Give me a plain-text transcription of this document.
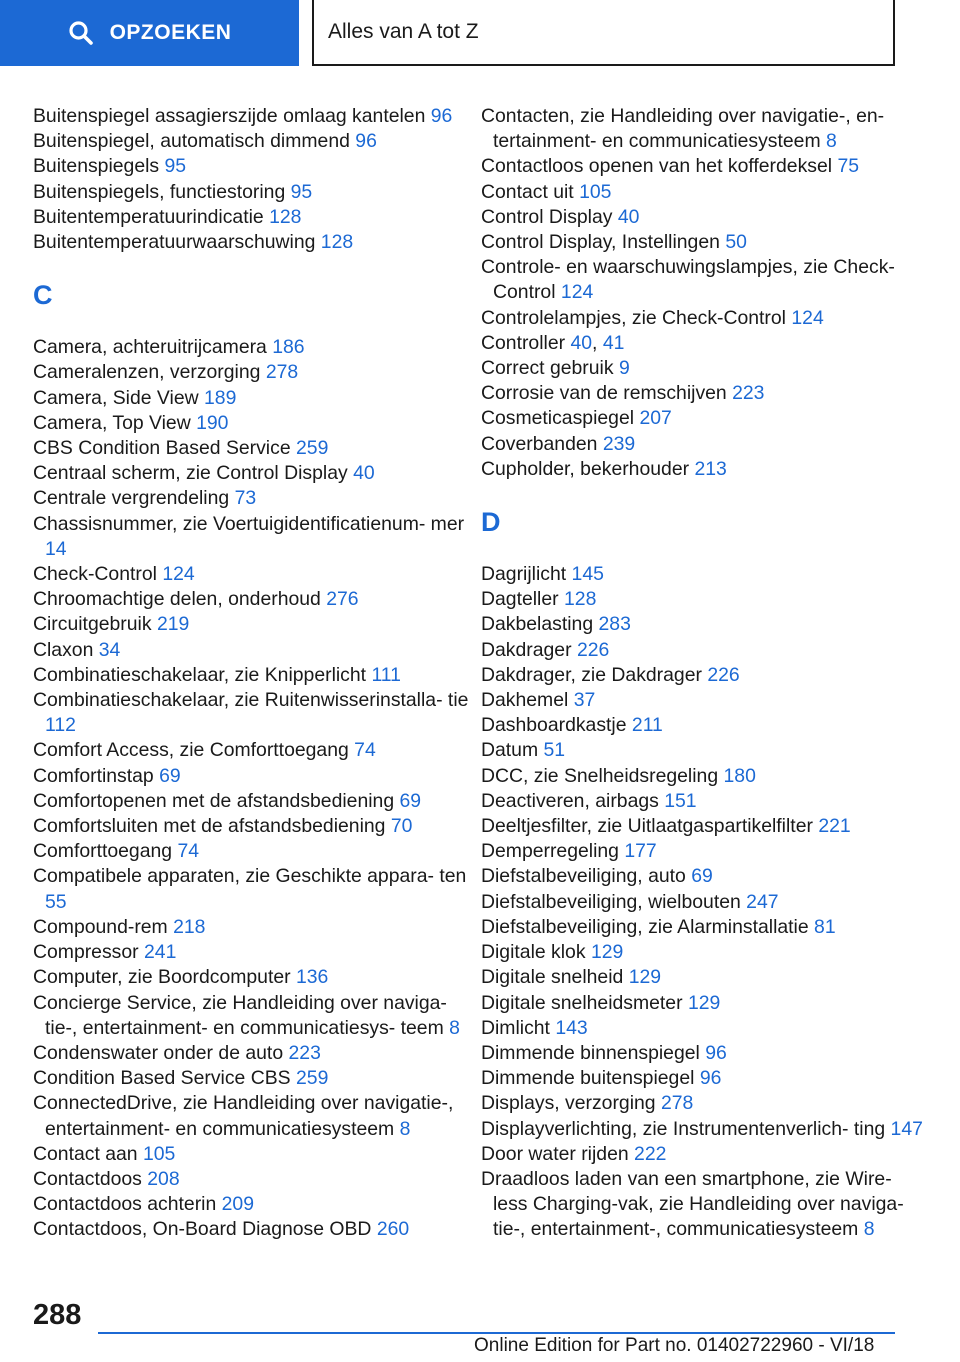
OPZOEKEN	Alles van A tot Z
Buitenspiegel assagierszijde omlaag kantelen 96
Buitenspiegel, automatisch dimmend 96
Buitenspiegels 95
Buitenspiegels, functiestoring 95
Buitentemperatuurindicatie 128
Buitentemperatuurwaarschuwing 128
C
Camera, achteruitrijcamera 186
Cameralenzen, verzorging 278
Camera, Side View 189
Camera, Top View 190
CBS Condition Based Service 259
Centraal scherm, zie Control Display 40
Centrale vergrendeling 73
Chassisnummer, zie Voertuigidentificatienum‐ mer 14
Check-Control 124
Chroomachtige delen, onderhoud 276
Circuitgebruik 219
Claxon 34
Combinatieschakelaar, zie Knipperlicht 111
Combinatieschakelaar, zie Ruitenwisserinstalla‐ tie 112
Comfort Access, zie Comforttoegang 74
Comfortinstap 69
Comfortopenen met de afstandsbediening 69
Comfortsluiten met de afstandsbediening 70
Comforttoegang 74
Compatibele apparaten, zie Geschikte appara‐ ten 55
Compound-rem 218
Compressor 241
Computer, zie Boordcomputer 136
Concierge Service, zie Handleiding over naviga‐ tie-, entertainment- en communicatiesys‐ teem 8
Condenswater onder de auto 223
Condition Based Service CBS 259
ConnectedDrive, zie Handleiding over navigatie-, entertainment- en communicatiesysteem 8
Contact aan 105
Contactdoos 208
Contactdoos achterin 209
Contactdoos, On-Board Diagnose OBD 260
Contacten, zie Handleiding over navigatie-, en‐ tertainment- en communicatiesysteem 8
Contactloos openen van het kofferdeksel 75
Contact uit 105
Control Display 40
Control Display, Instellingen 50
Controle- en waarschuwingslampjes, zie Check- Control 124
Controlelampjes, zie Check-Control 124
Controller 40, 41
Correct gebruik 9
Corrosie van de remschijven 223
Cosmeticaspiegel 207
Coverbanden 239
Cupholder, bekerhouder 213
D
Dagrijlicht 145
Dagteller 128
Dakbelasting 283
Dakdrager 226
Dakdrager, zie Dakdrager 226
Dakhemel 37
Dashboardkastje 211
Datum 51
DCC, zie Snelheidsregeling 180
Deactiveren, airbags 151
Deeltjesfilter, zie Uitlaatgaspartikelfilter 221
Demperregeling 177
Diefstalbeveiliging, auto 69
Diefstalbeveiliging, wielbouten 247
Diefstalbeveiliging, zie Alarminstallatie 81
Digitale klok 129
Digitale snelheid 129
Digitale snelheidsmeter 129
Dimlicht 143
Dimmende binnenspiegel 96
Dimmende buitenspiegel 96
Displays, verzorging 278
Displayverlichting, zie Instrumentenverlich‐ ting 147
Door water rijden 222
Draadloos laden van een smartphone, zie Wire‐ less Charging-vak, zie Handleiding over naviga‐ tie-, entertainment-, communicatiesysteem 8
288
Online Edition for Part no. 01402722960 - VI/18
